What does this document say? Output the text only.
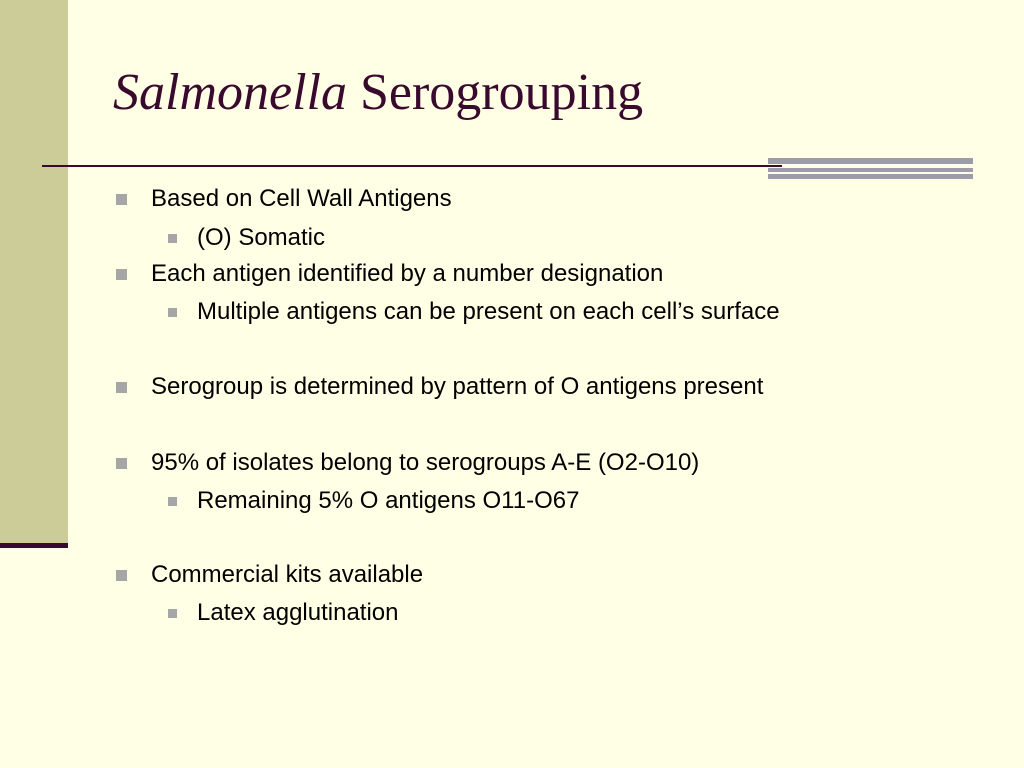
Salmonella Serogrouping
Based on Cell Wall Antigens
(O) Somatic
Each antigen identified by a number designation
Multiple antigens can be present on each cell’s surface
Serogroup is determined by pattern of O antigens present
95% of isolates belong to serogroups A-E (O2-O10)
Remaining 5% O antigens O11-O67
Commercial kits available
Latex agglutination
